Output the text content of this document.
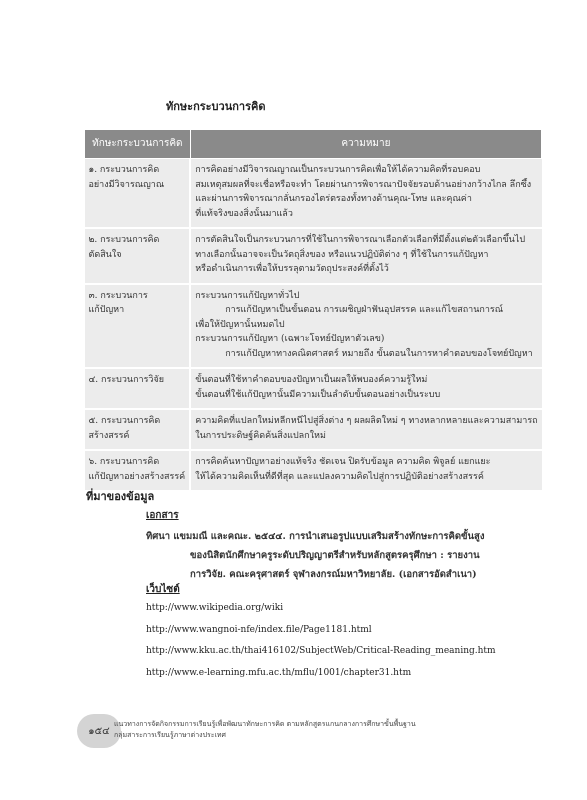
ทักษะกระบวนการคิด
ทักษะกระบวนการคิด	ความหมาย

๑. กระบวนการคิด
อย่างมีวิจารณญาณ	การคิดอย่างมีวิจารณญาณเป็นกระบวนการคิดเพื่อให้ได้ความคิดที่รอบคอบ
สมเหตุสมผลที่จะเชื่อหรือจะทำ โดยผ่านการพิจารณาปัจจัยรอบด้านอย่างกว้างไกล ลึกซึ้ง
และผ่านการพิจารณากลั่นกรองไตร่ตรองทั้งทางด้านคุณ-โทษ และคุณค่า
ที่แท้จริงของสิ่งนั้นมาแล้ว

๒. กระบวนการคิด
ตัดสินใจ	การตัดสินใจเป็นกระบวนการที่ใช้ในการพิจารณาเลือกตัวเลือกที่มีตั้งแต่๒ตัวเลือกขึ้นไป
ทางเลือกนั้นอาจจะเป็นวัตถุสิ่งของ หรือแนวปฏิบัติต่าง ๆ ที่ใช้ในการแก้ปัญหา
หรือดำเนินการเพื่อให้บรรลุตามวัตถุประสงค์ที่ตั้งไว้

๓. กระบวนการ
แก้ปัญหา	กระบวนการแก้ปัญหาทั่วไป
การแก้ปัญหาเป็นขั้นตอน การเผชิญฝ่าฟันอุปสรรค และแก้ไขสถานการณ์
เพื่อให้ปัญหานั้นหมดไป
กระบวนการแก้ปัญหา (เฉพาะโจทย์ปัญหาตัวเลข)
การแก้ปัญหาทางคณิตศาสตร์ หมายถึง ขั้นตอนในการหาคำตอบของโจทย์ปัญหา

๔. กระบวนการวิจัย	ขั้นตอนที่ใช้หาคำตอบของปัญหาเป็นผลให้พบองค์ความรู้ใหม่
ขั้นตอนที่ใช้แก้ปัญหานั้นมีความเป็นลำดับขั้นตอนอย่างเป็นระบบ

๕. กระบวนการคิด
สร้างสรรค์	ความคิดที่แปลกใหม่หลีกหนีไปสู่สิ่งต่าง ๆ ผลผลิตใหม่ ๆ ทางหลากหลายและความสามารถ
ในการประดิษฐ์คิดค้นสิ่งแปลกใหม่

๖. กระบวนการคิด
แก้ปัญหาอย่างสร้างสรรค์	การคิดค้นหาปัญหาอย่างแท้จริง ชัดเจน ปิดรับข้อมูล ความคิด พิจูลย์ แยกแยะ
ให้ได้ความคิดเห็นที่ดีที่สุด และแปลงความคิดไปสู่การปฏิบัติอย่างสร้างสรรค์
ที่มาของข้อมูล
เอกสาร
ทิศนา แขมมณี และคณะ. ๒๕๔๔. การนำเสนอรูปแบบเสริมสร้างทักษะการคิดขั้นสูง
ของนิสิตนักศึกษาครูระดับปริญญาตรีสำหรับหลักสูตรครุศึกษา : รายงาน
การวิจัย. คณะครุศาสตร์ จุฬาลงกรณ์มหาวิทยาลัย. (เอกสารอัดสำเนา)
เว็บไซต์
http://www.wikipedia.org/wiki
http://www.wangnoi-nfe/index.file/Page1181.html
http://www.kku.ac.th/thai416102/SubjectWeb/Critical-Reading_meaning.htm
http://www.e-learning.mfu.ac.th/mflu/1001/chapter31.htm
๑๕๔
แนวทางการจัดกิจกรรมการเรียนรู้เพื่อพัฒนาทักษะการคิด ตามหลักสูตรแกนกลางการศึกษาขั้นพื้นฐาน
กลุ่มสาระการเรียนรู้ภาษาต่างประเทศ
